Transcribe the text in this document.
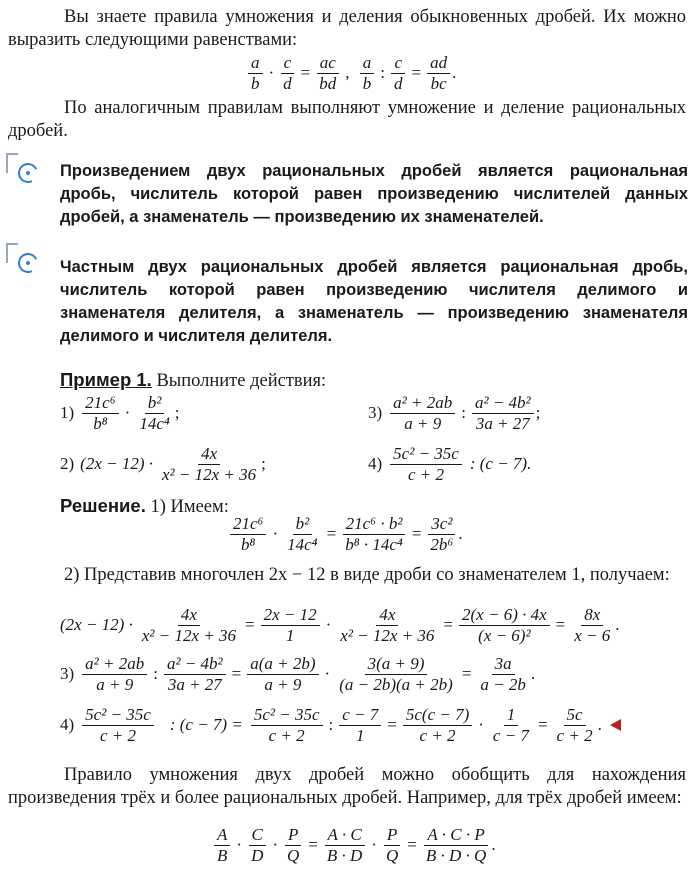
Вы знаете правила умножения и деления обыкновенных дробей. Их можно выразить следующими равенствами:
$\frac{a}{b} \cdot \frac{c}{d} = \frac{ac}{bd}$ , $\frac{a}{b}$ : $\frac{c}{d} = \frac{ad}{bc}$ .
По аналогичным правилам выполняют умножение и деление рациональных дробей.
Произведением двух рациональных дробей является рациональная дробь, числитель которой равен произведению числителей данных дробей, а знаменатель — произведению их знаменателей.
Частным двух рациональных дробей является рациональная дробь, числитель которой равен произведению числителя делимого и знаменателя делителя, а знаменатель — произведению знаменателя делимого и числителя делителя.
Пример 1. Выполните действия:
$1) \frac{\text{21c⁶}}{\text{b⁸}} \cdot \frac{\text{b²}}{\text{14c⁴}}$ ;	$3) \frac{\text{a² + 2ab}}{a + 9}$ : $\frac{\text{a² − 4b²}}{3a + 27}$ ;
2) $(2x - 12) \cdot \frac{4x}{\text{x² − 12x + 36}}$ ;	$4) \frac{\text{5c² − 35c}}{c + 2}$ : (c − 7).
Решение. 1) Имеем:
$\frac{\text{21c⁶}}{\text{b⁸}} \cdot \frac{\text{b²}}{\text{14c⁴}} = \frac{\text{21c⁶ · b²}}{\text{b⁸ · 14c⁴}} = \frac{\text{3c²}}{\text{2b⁶}}$ .
2) Представив многочлен 2x − 12 в виде дроби со знаменателем 1, получаем:
$(2x - 12) \cdot \frac{4x}{\text{x² − 12x + 36}} = \frac{2x - 12}{1} \cdot \frac{4x}{\text{x² − 12x + 36}} = \frac{2(x - 6) \cdot 4x}{\text{(x − 6)²}} = \frac{8x}{x - 6}$ .
$3) \frac{\text{a² + 2ab}}{a + 9}$ : $\frac{\text{a² − 4b²}}{3a + 27} = \frac{a(a + 2b)}{a + 9} \cdot \frac{3(a + 9)}{(a - 2b)(a + 2b)} = \frac{3a}{a - 2b}$ .
$4) \frac{\text{5c² − 35c}}{c + 2}$ : $(c - 7) = \frac{\text{5c² − 35c}}{c + 2}$ : $\frac{c - 7}{1} = \frac{5c(c - 7)}{c + 2} \cdot \frac{1}{c - 7} = \frac{5c}{c + 2}$ .
Правило умножения двух дробей можно обобщить для нахождения произведения трёх и более рациональных дробей. Например, для трёх дробей имеем:
$\frac{A}{B} \cdot \frac{C}{D} \cdot \frac{P}{Q} = \frac{A \cdot C}{B \cdot D} \cdot \frac{P}{Q} = \frac{A \cdot C \cdot P}{B \cdot D \cdot Q}$ .
